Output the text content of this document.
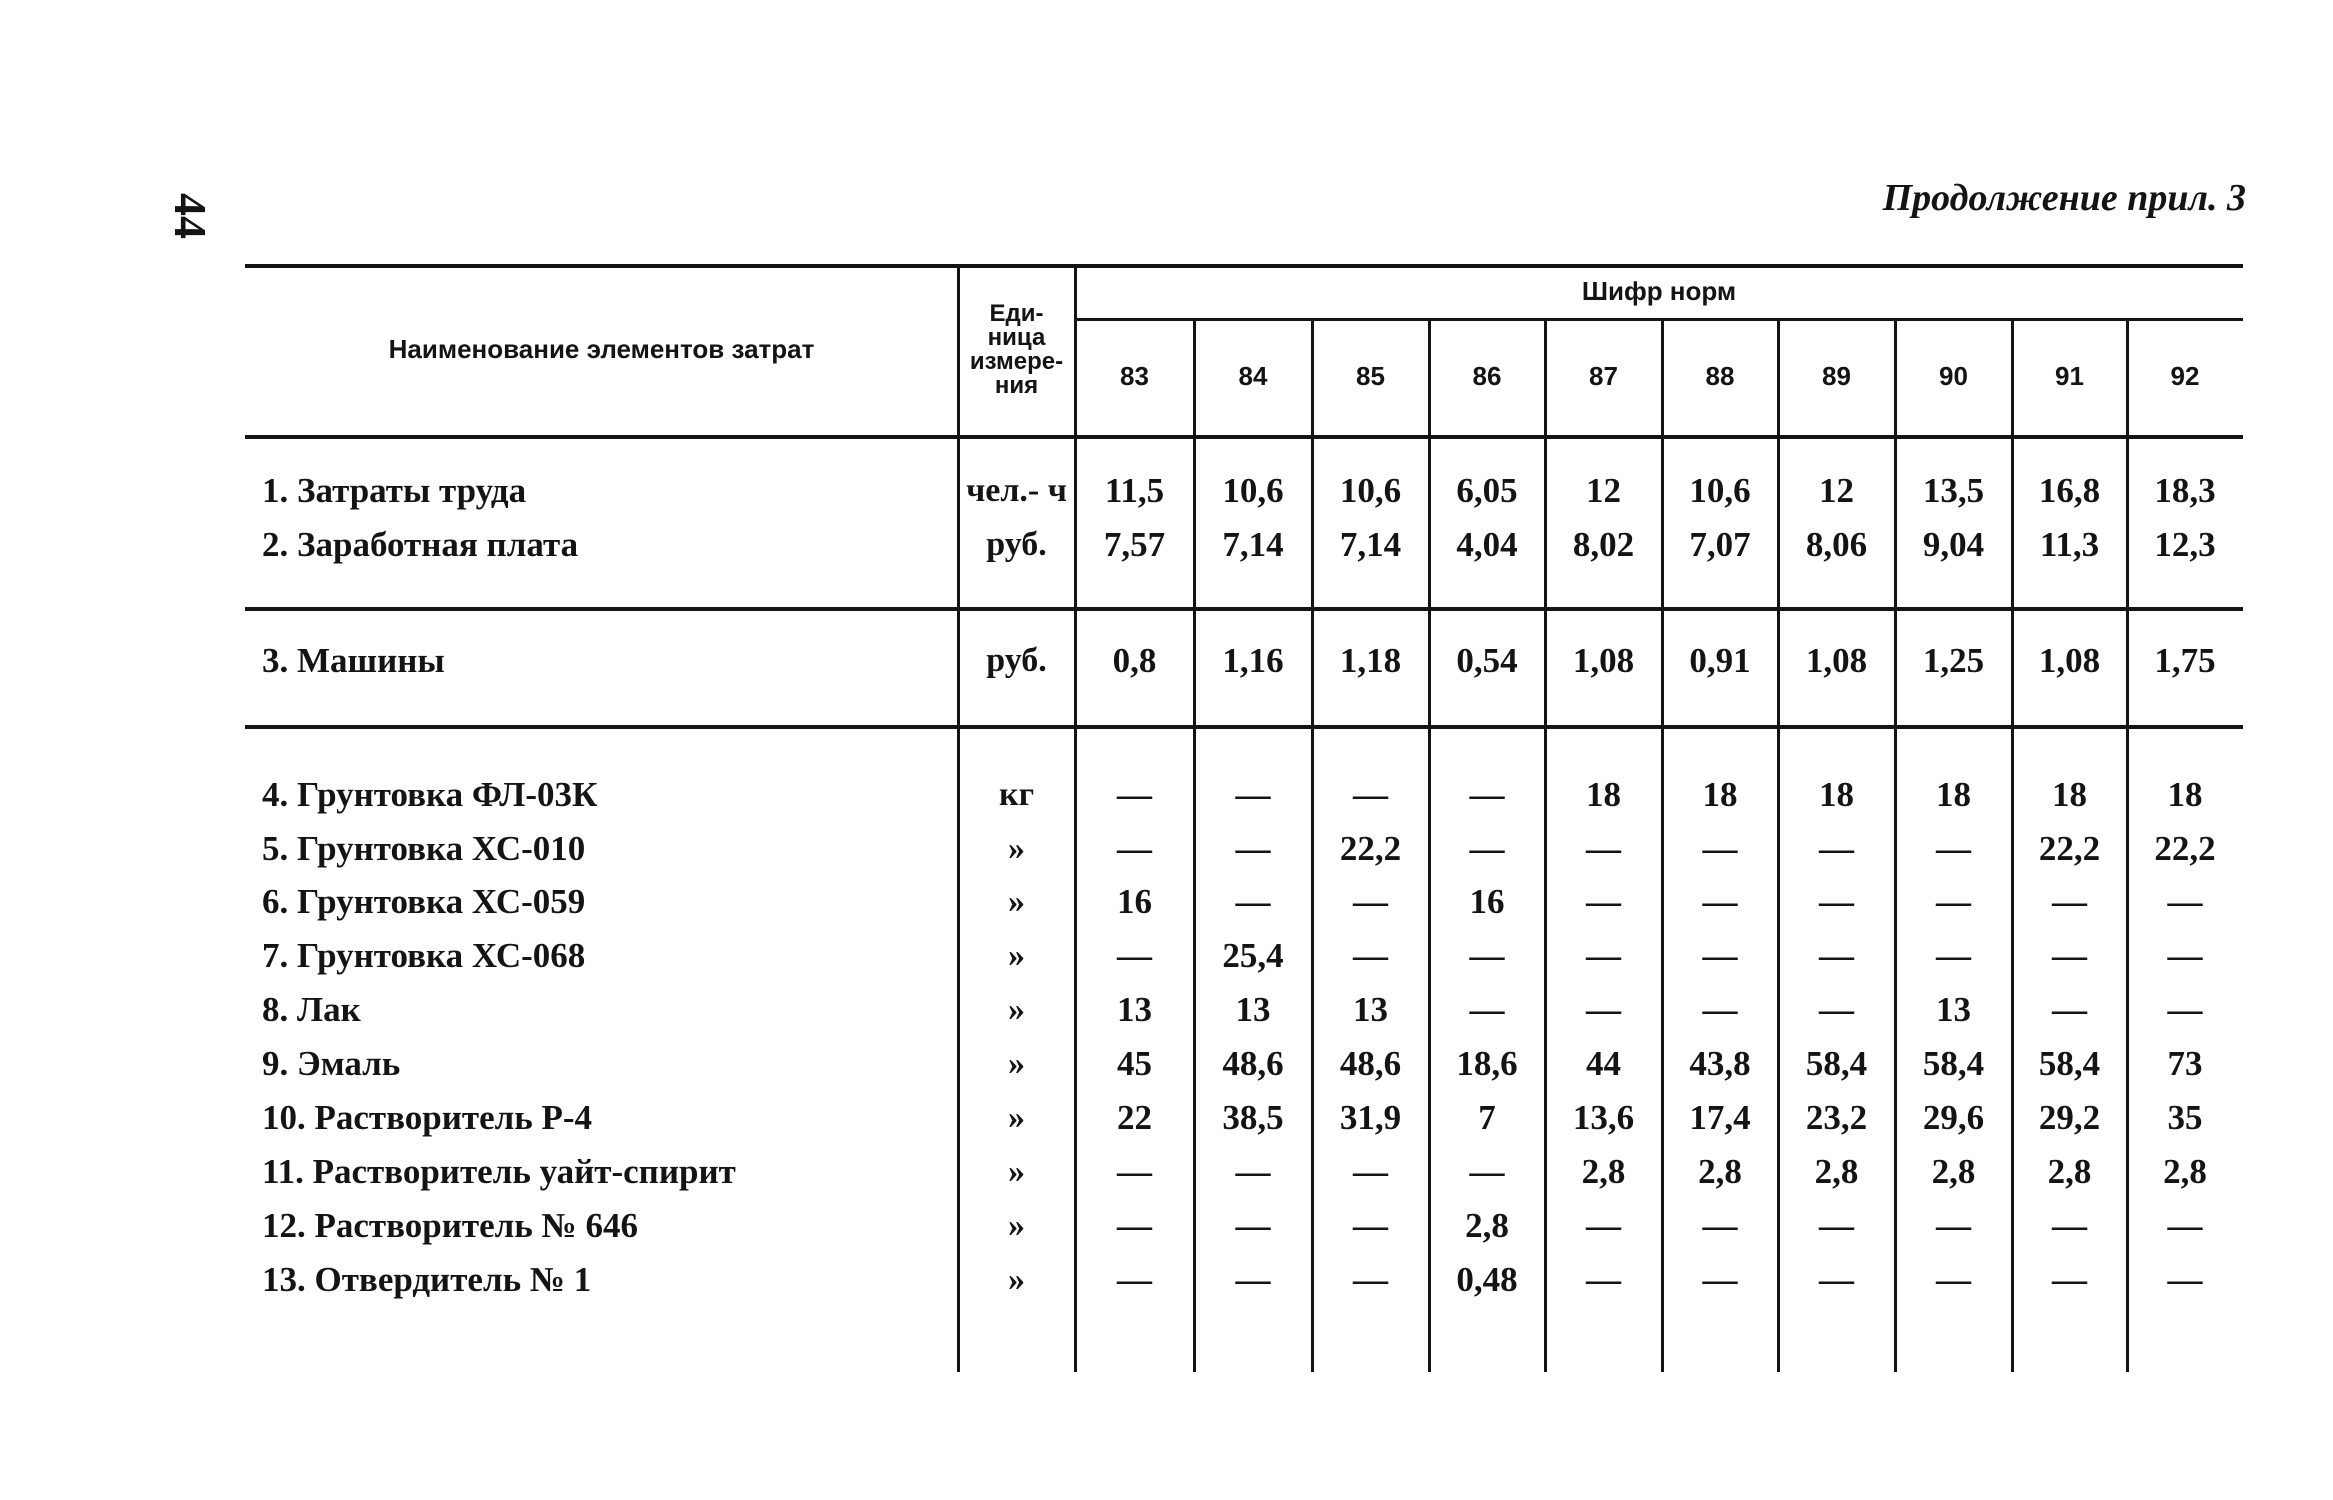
44	Продолжение прил. 3
Наименование элементов затрат
Еди-
ница
измере-
ния
Шифр норм
83	84	85	86	87	88	89	90	91	92
1. Затраты труда	чел.- ч	11,5	10,6	10,6	6,05	12	10,6	12	13,5	16,8	18,3
2. Заработная плата	руб.	7,57	7,14	7,14	4,04	8,02	7,07	8,06	9,04	11,3	12,3
3. Машины	руб.	0,8	1,16	1,18	0,54	1,08	0,91	1,08	1,25	1,08	1,75
4. Грунтовка ФЛ-03К	кг	—	—	—	—	18	18	18	18	18	18
5. Грунтовка ХС-010	»	—	—	22,2	—	—	—	—	—	22,2	22,2
6. Грунтовка ХС-059	»	16	—	—	16	—	—	—	—	—	—
7. Грунтовка ХС-068	»	—	25,4	—	—	—	—	—	—	—	—
8. Лак	»	13	13	13	—	—	—	—	13	—	—
9. Эмаль	»	45	48,6	48,6	18,6	44	43,8	58,4	58,4	58,4	73
10. Растворитель Р-4	»	22	38,5	31,9	7	13,6	17,4	23,2	29,6	29,2	35
11. Растворитель уайт-спирит	»	—	—	—	—	2,8	2,8	2,8	2,8	2,8	2,8
12. Растворитель № 646	»	—	—	—	2,8	—	—	—	—	—	—
13. Отвердитель № 1	»	—	—	—	0,48	—	—	—	—	—	—
